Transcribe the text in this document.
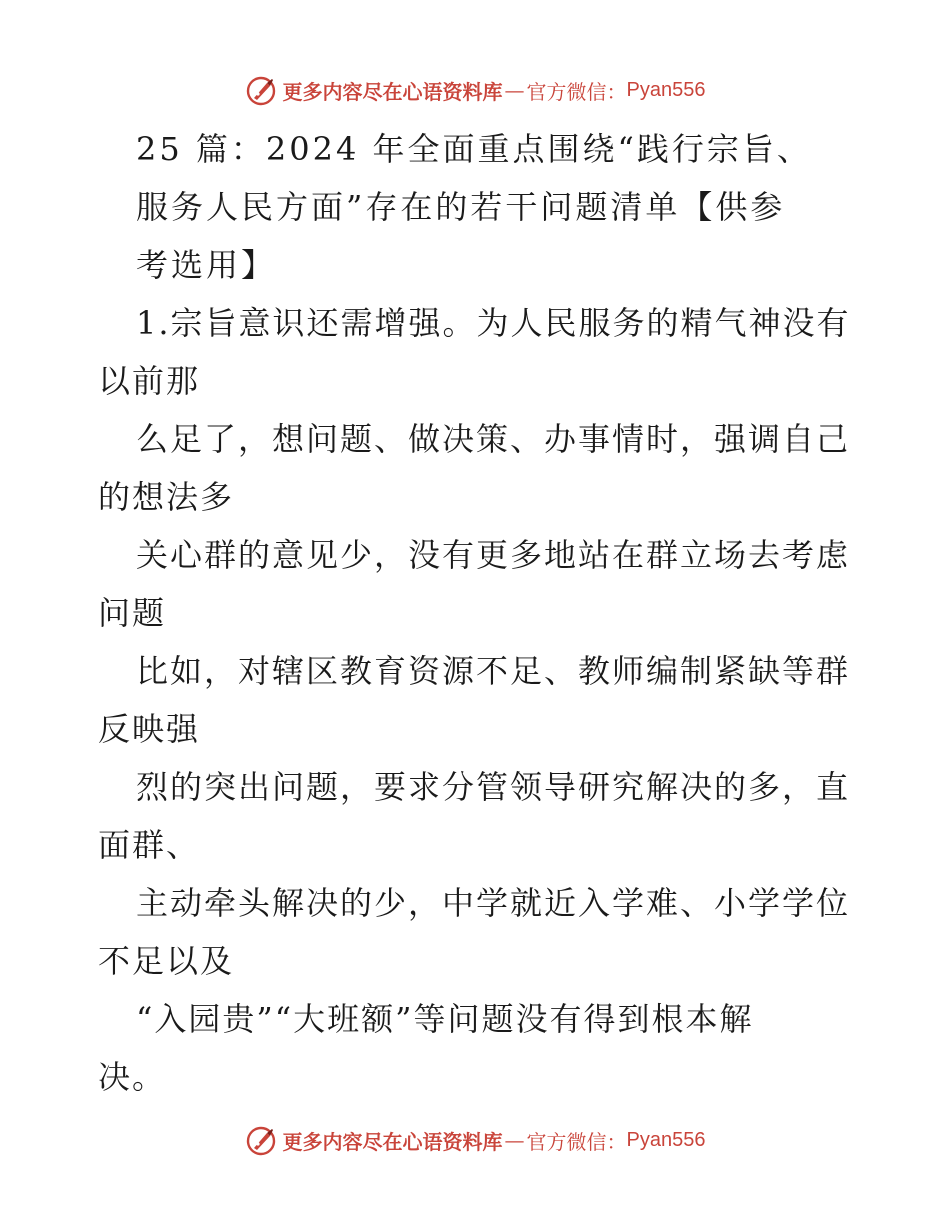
更多内容尽在心语资料库 — 官方微信： Pyan556
25 篇：2024 年全面重点围绕“践行宗旨、
服务人民方面”存在的若干问题清单【供参
考选用】
1.宗旨意识还需增强。为人民服务的精气神没有
以前那
么足了，想问题、做决策、办事情时，强调自己
的想法多
关心群的意见少，没有更多地站在群立场去考虑
问题
比如，对辖区教育资源不足、教师编制紧缺等群
反映强
烈的突出问题，要求分管领导研究解决的多，直
面群、
主动牵头解决的少，中学就近入学难、小学学位
不足以及
“入园贵”“大班额”等问题没有得到根本解
决。
更多内容尽在心语资料库 — 官方微信： Pyan556
